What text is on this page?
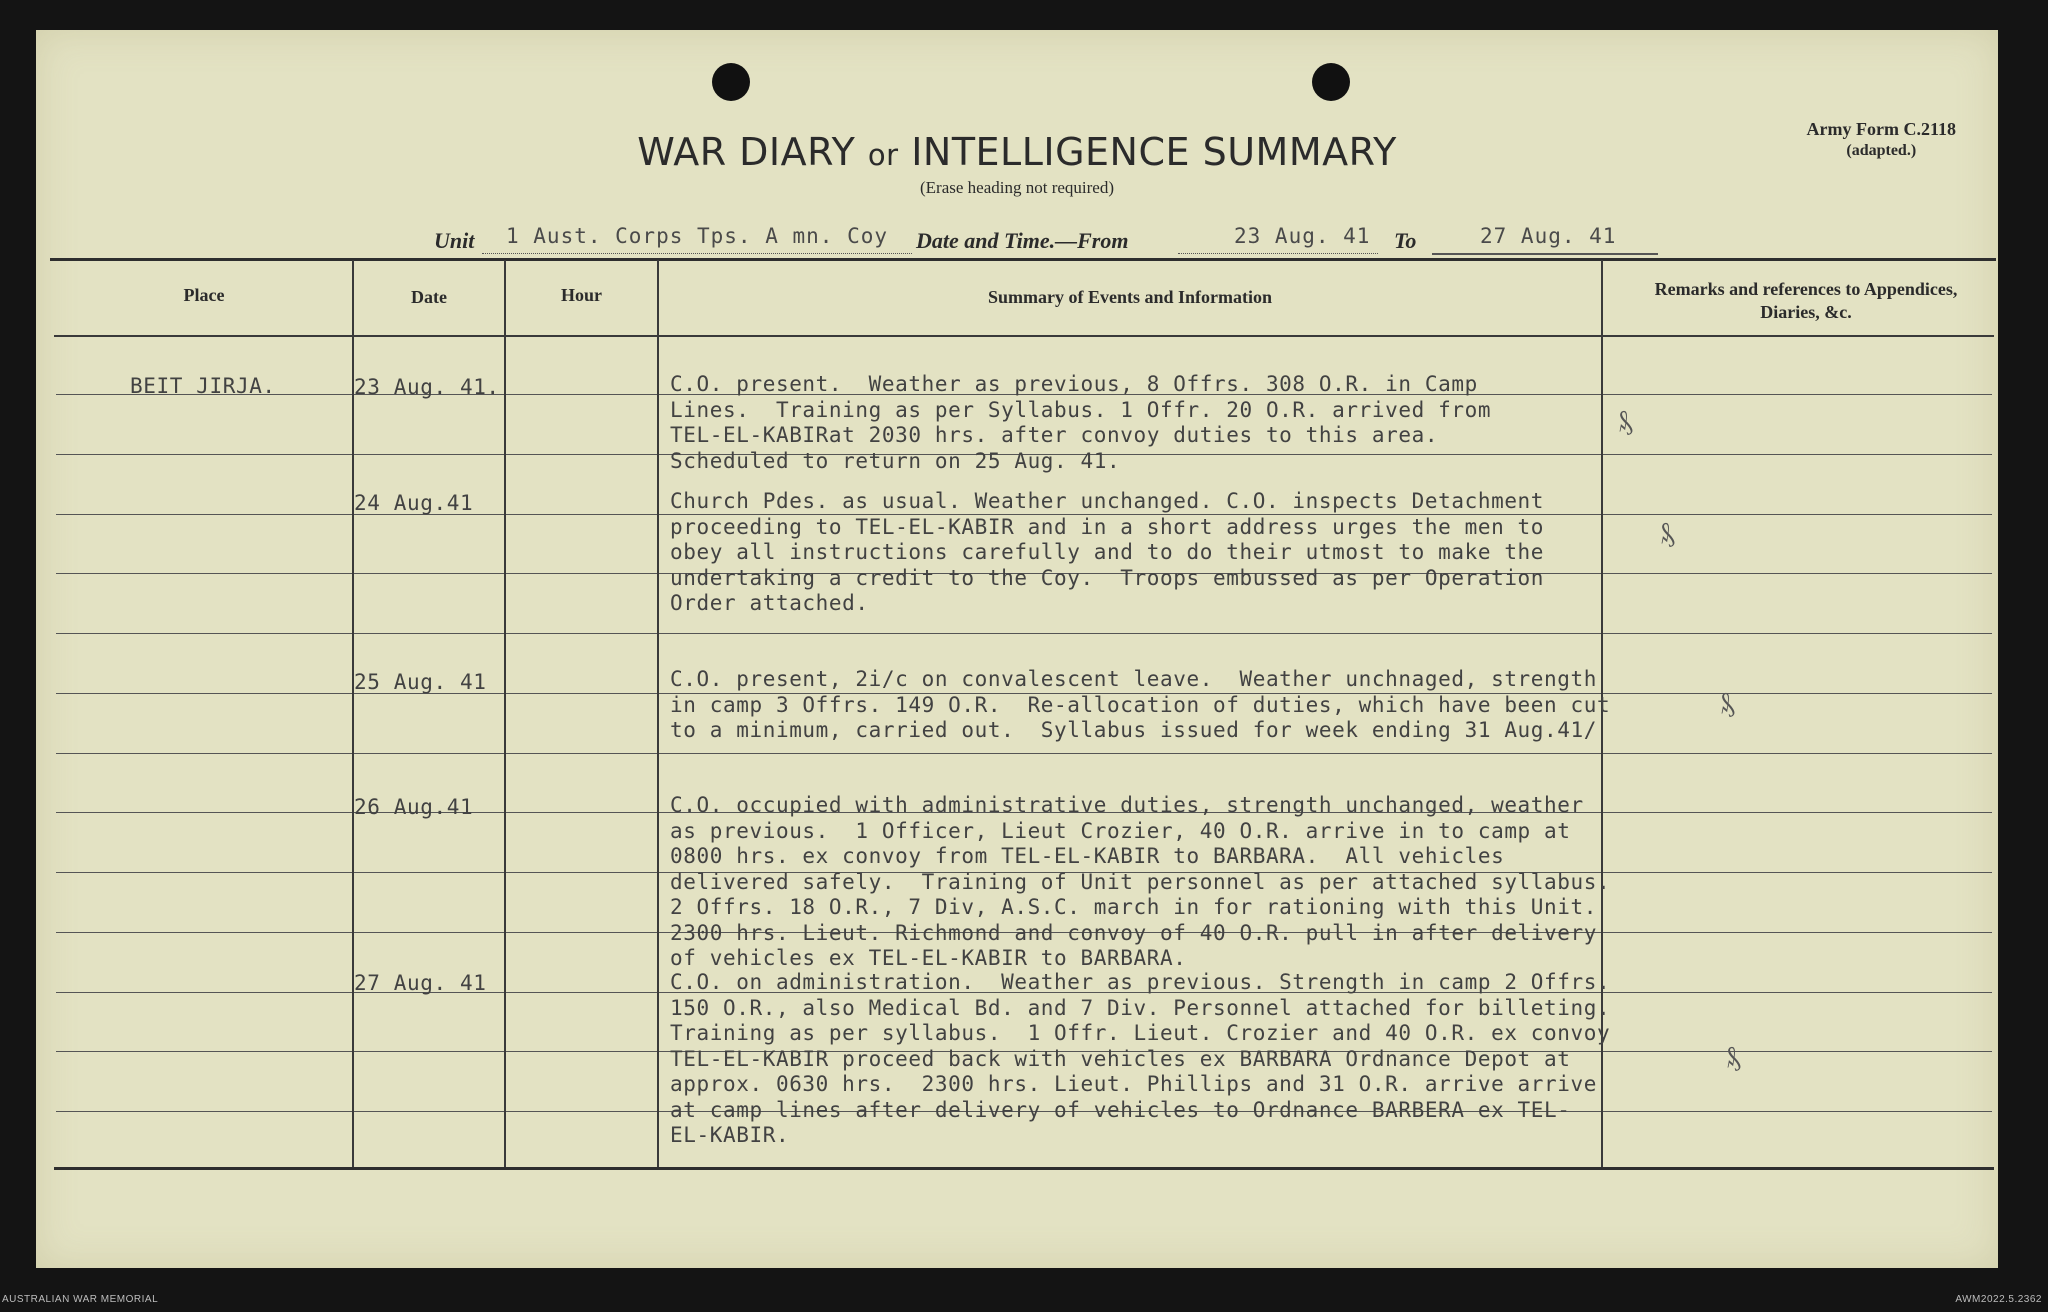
WAR DIARY or INTELLIGENCE SUMMARY
(Erase heading not required)
Army Form C.2118
(adapted.)
Unit 1 Aust. Corps Tps. A mn. Coy Date and Time.—From	23 Aug. 41 To	27 Aug. 41
Place	Date	Hour	Summary of Events and Information	Remarks and references to Appendices, Diaries, &c.
BEIT JIRJA.	23 Aug. 41.	C.O. present.  Weather as previous, 8 Offrs. 308 O.R. in Camp
Lines.  Training as per Syllabus. 1 Offr. 20 O.R. arrived from
TEL-EL-KABIRat 2030 hrs. after convoy duties to this area.
Scheduled to return on 25 Aug. 41.
₰
24 Aug.41	Church Pdes. as usual. Weather unchanged. C.O. inspects Detachment
proceeding to TEL-EL-KABIR and in a short address urges the men to
obey all instructions carefully and to do their utmost to make the
undertaking a credit to the Coy.  Troops embussed as per Operation
Order attached.
₰
25 Aug. 41	C.O. present, 2i/c on convalescent leave.  Weather unchnaged, strength
in camp 3 Offrs. 149 O.R.  Re-allocation of duties, which have been cut
to a minimum, carried out.  Syllabus issued for week ending 31 Aug.41/
₰
26 Aug.41	C.O. occupied with administrative duties, strength unchanged, weather
as previous.  1 Officer, Lieut Crozier, 40 O.R. arrive in to camp at
0800 hrs. ex convoy from TEL-EL-KABIR to BARBARA.  All vehicles
delivered safely.  Training of Unit personnel as per attached syllabus.
2 Offrs. 18 O.R., 7 Div, A.S.C. march in for rationing with this Unit.
2300 hrs. Lieut. Richmond and convoy of 40 O.R. pull in after delivery
of vehicles ex TEL-EL-KABIR to BARBARA.
27 Aug. 41	C.O. on administration.  Weather as previous. Strength in camp 2 Offrs.
150 O.R., also Medical Bd. and 7 Div. Personnel attached for billeting.
Training as per syllabus.  1 Offr. Lieut. Crozier and 40 O.R. ex convoy
TEL-EL-KABIR proceed back with vehicles ex BARBARA Ordnance Depot at
approx. 0630 hrs.  2300 hrs. Lieut. Phillips and 31 O.R. arrive arrive
at camp lines after delivery of vehicles to Ordnance BARBERA ex TEL-
EL-KABIR.
₰
AUSTRALIAN WAR MEMORIAL	AWM2022.5.2362
